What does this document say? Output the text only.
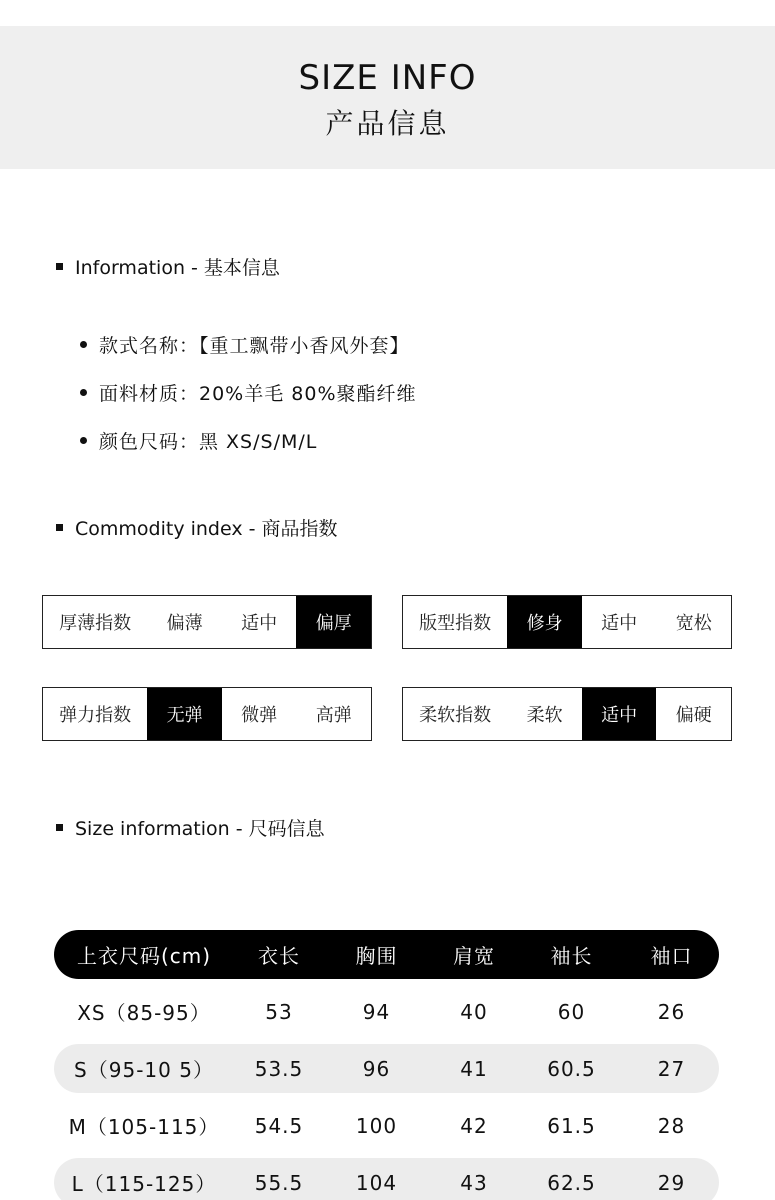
SIZE INFO
产品信息
Information - 基本信息
款式名称：【重工飘带小香风外套】
面料材质：20%羊毛 80%聚酯纤维
颜色尺码：黑 XS/S/M/L
Commodity index - 商品指数
厚薄指数	偏薄	适中	偏厚	版型指数	修身	适中	宽松
弹力指数	无弹	微弹	高弹	柔软指数	柔软	适中	偏硬
Size information - 尺码信息
上衣尺码(cm)	衣长	胸围	肩宽	袖长	袖口
XS（85-95）	53	94	40	60	26
S（95-10 5）	53.5	96	41	60.5	27
M（105-115）	54.5	100	42	61.5	28
L（115-125）	55.5	104	43	62.5	29
